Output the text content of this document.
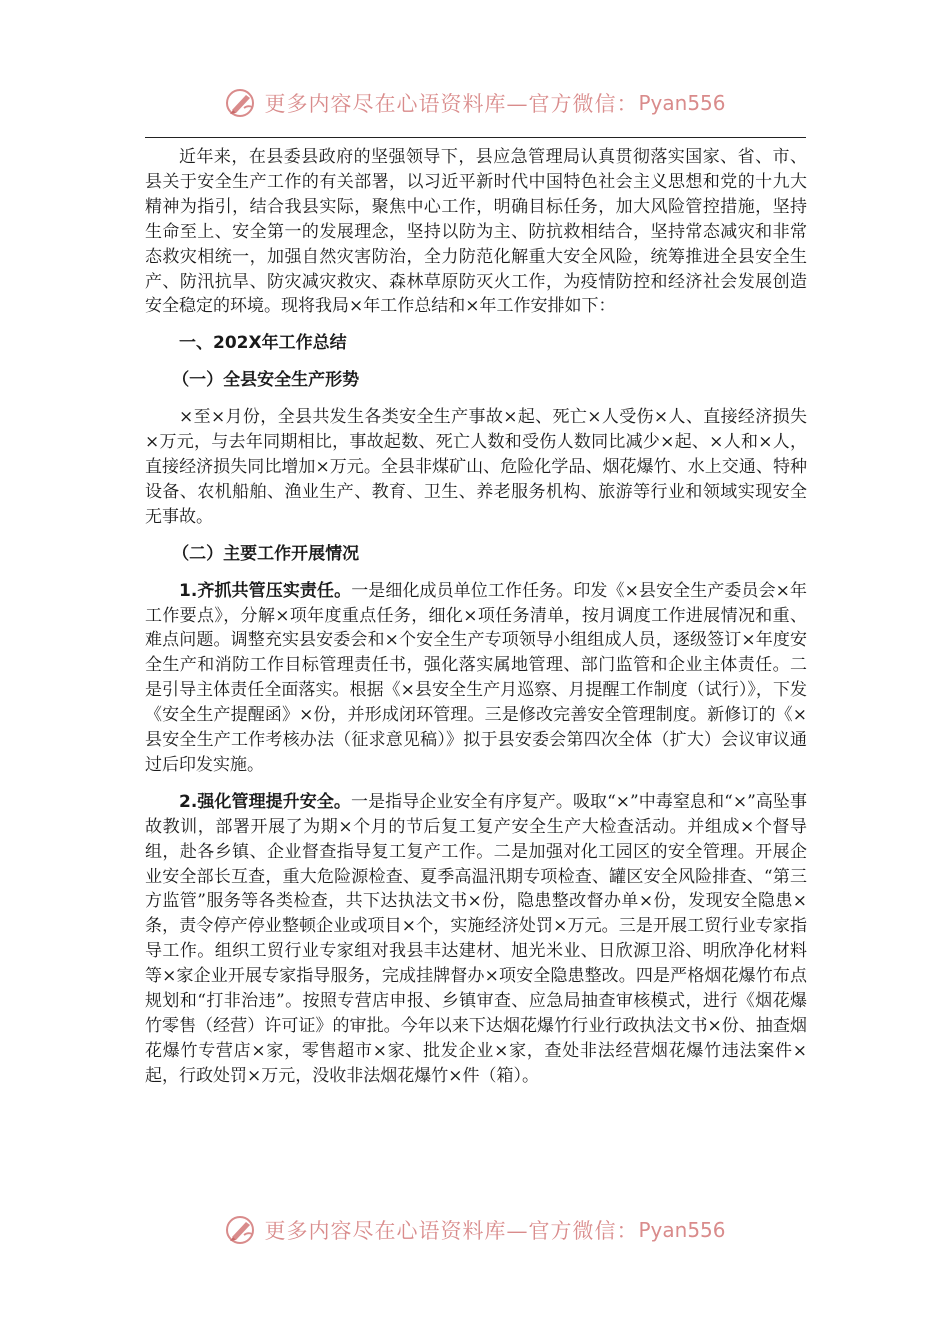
更多内容尽在心语资料库—官方微信： Pyan556

近年来，在县委县政府的坚强领导下，县应急管理局认真贯彻落实国家、省、市、县关于安全生产工作的有关部署，以习近平新时代中国特色社会主义思想和党的十九大精神为指引，结合我县实际，聚焦中心工作，明确目标任务，加大风险管控措施，坚持生命至上、安全第一的发展理念，坚持以防为主、防抗救相结合，坚持常态减灾和非常态救灾相统一，加强自然灾害防治，全力防范化解重大安全风险，统筹推进全县安全生产、防汛抗旱、防灾减灾救灾、森林草原防灭火工作，为疫情防控和经济社会发展创造安全稳定的环境。现将我局×年工作总结和×年工作安排如下：

一、202X年工作总结
（一）全县安全生产形势

×至×月份，全县共发生各类安全生产事故×起、死亡×人受伤×人、直接经济损失×万元，与去年同期相比，事故起数、死亡人数和受伤人数同比减少×起、×人和×人，直接经济损失同比增加×万元。全县非煤矿山、危险化学品、烟花爆竹、水上交通、特种设备、农机船舶、渔业生产、教育、卫生、养老服务机构、旅游等行业和领域实现安全无事故。

（二）主要工作开展情况

1.齐抓共管压实责任。一是细化成员单位工作任务。印发《×县安全生产委员会×年工作要点》，分解×项年度重点任务，细化×项任务清单，按月调度工作进展情况和重、难点问题。调整充实县安委会和×个安全生产专项领导小组组成人员，逐级签订×年度安全生产和消防工作目标管理责任书，强化落实属地管理、部门监管和企业主体责任。二是引导主体责任全面落实。根据《×县安全生产月巡察、月提醒工作制度（试行）》，下发《安全生产提醒函》×份，并形成闭环管理。三是修改完善安全管理制度。新修订的《×县安全生产工作考核办法（征求意见稿）》拟于县安委会第四次全体（扩大）会议审议通过后印发实施。

2.强化管理提升安全。一是指导企业安全有序复产。吸取“×”中毒窒息和“×”高坠事故教训，部署开展了为期×个月的节后复工复产安全生产大检查活动。并组成×个督导组，赴各乡镇、企业督查指导复工复产工作。二是加强对化工园区的安全管理。开展企业安全部长互查，重大危险源检查、夏季高温汛期专项检查、罐区安全风险排查、“第三方监管”服务等各类检查，共下达执法文书×份，隐患整改督办单×份，发现安全隐患×条，责令停产停业整顿企业或项目×个，实施经济处罚×万元。三是开展工贸行业专家指导工作。组织工贸行业专家组对我县丰达建材、旭光米业、日欣源卫浴、明欣净化材料等×家企业开展专家指导服务，完成挂牌督办×项安全隐患整改。四是严格烟花爆竹布点规划和“打非治违”。按照专营店申报、乡镇审查、应急局抽查审核模式，进行《烟花爆竹零售（经营）许可证》的审批。今年以来下达烟花爆竹行业行政执法文书×份、抽查烟花爆竹专营店×家，零售超市×家、批发企业×家，查处非法经营烟花爆竹违法案件×起，行政处罚×万元，没收非法烟花爆竹×件（箱）。

更多内容尽在心语资料库—官方微信： Pyan556
